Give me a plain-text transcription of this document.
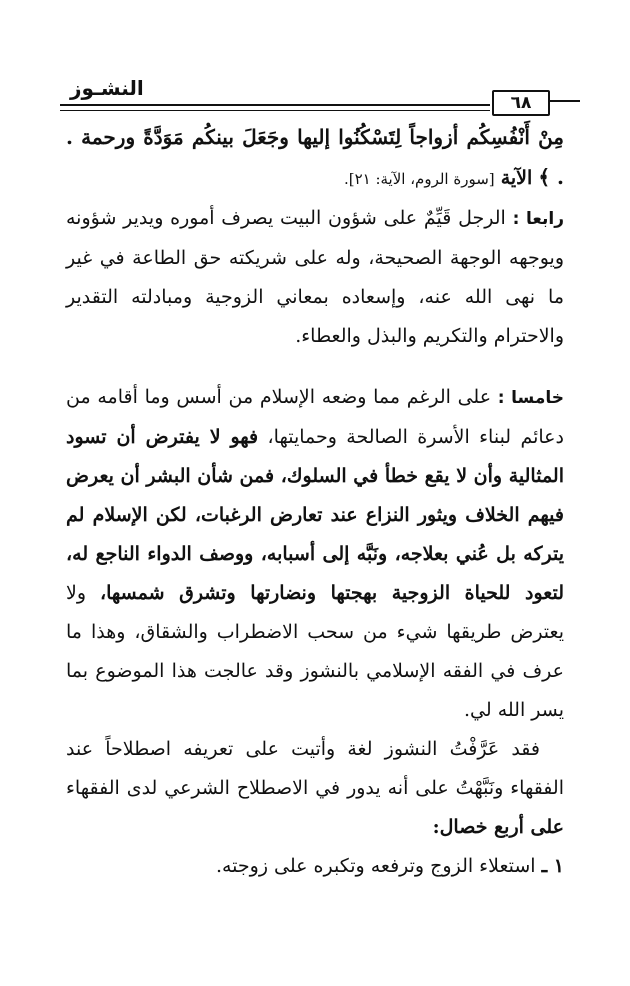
النشـوز
٦٨

مِنْ أَنْفُسِكُم أزواجاً لِتَسْكُنُوا إليها وجَعَلَ بينكُم مَوَدَّةً ورحمة . . ﴾ الآية [سورة الروم، الآية: ٢١].

رابعا : الرجل قَيِّمٌ على شؤون البيت يصرف أموره ويدير شؤونه ويوجهه الوجهة الصحيحة، وله على شريكته حق الطاعة في غير ما نهى الله عنه، وإسعاده بمعاني الزوجية ومبادلته التقدير والاحترام والتكريم والبذل والعطاء.

خامسا : على الرغم مما وضعه الإسلام من أسس وما أقامه من دعائم لبناء الأسرة الصالحة وحمايتها، فهو لا يفترض أن تسود المثالية وأن لا يقع خطأ في السلوك، فمن شأن البشر أن يعرض فيهم الخلاف ويثور النزاع عند تعارض الرغبات، لكن الإسلام لم يتركه بل عُني بعلاجه، ونَبَّه إلى أسبابه، ووصف الدواء الناجع له، لتعود للحياة الزوجية بهجتها ونضارتها وتشرق شمسها، ولا يعترض طريقها شيء من سحب الاضطراب والشقاق، وهذا ما عرف في الفقه الإسلامي بالنشوز وقد عالجت هذا الموضوع بما يسر الله لي.

فقد عَرَّفْتُ النشوز لغة وأتيت على تعريفه اصطلاحاً عند الفقهاء ونَبَّهْتُ على أنه يدور في الاصطلاح الشرعي لدى الفقهاء على أربع خصال:

١ ـ استعلاء الزوج وترفعه وتكبره على زوجته.
